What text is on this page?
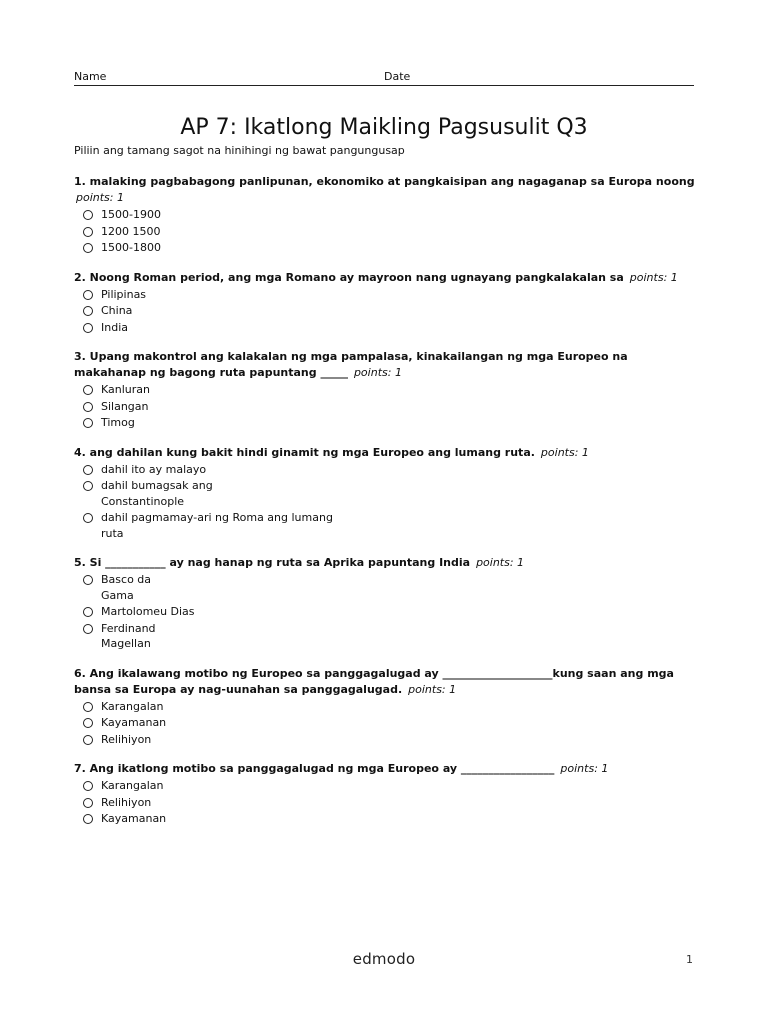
Name	Date
AP 7: Ikatlong Maikling Pagsusulit Q3
Piliin ang tamang sagot na hinihingi ng bawat pangungusap
1. malaking pagbabagong panlipunan, ekonomiko at pangkaisipan ang nagaganap sa Europa noong
points: 1
1500-1900
1200 1500
1500-1800
2. Noong Roman period, ang mga Romano ay mayroon nang ugnayang pangkalakalan sa points: 1
Pilipinas
China
India
3. Upang makontrol ang kalakalan ng mga pampalasa, kinakailangan ng mga Europeo na makahanap ng bagong ruta papuntang _____ points: 1
Kanluran
Silangan
Timog
4. ang dahilan kung bakit hindi ginamit ng mga Europeo ang lumang ruta. points: 1
dahil ito ay malayo
dahil bumagsak ang Constantinople
dahil pagmamay-ari ng Roma ang lumang ruta
5. Si ___________ ay nag hanap ng ruta sa Aprika papuntang India points: 1
Basco da Gama
Martolomeu Dias
Ferdinand Magellan
6. Ang ikalawang motibo ng Europeo sa panggagalugad ay ____________________kung saan ang mga bansa sa Europa ay nag-uunahan sa panggagalugad. points: 1
Karangalan
Kayamanan
Relihiyon
7. Ang ikatlong motibo sa panggagalugad ng mga Europeo ay _________________ points: 1
Karangalan
Relihiyon
Kayamanan
edmodo	1
